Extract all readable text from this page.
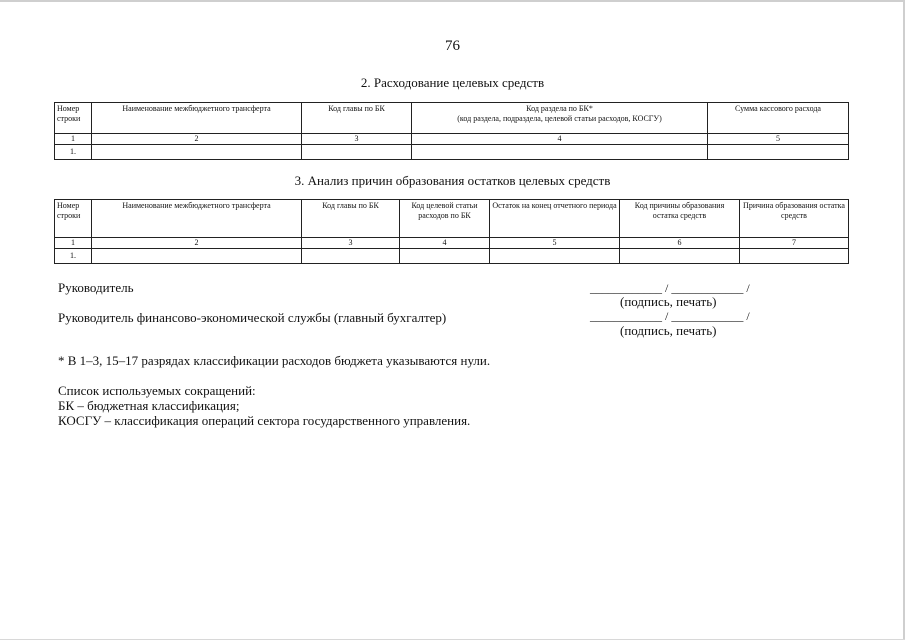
76
2. Расходование целевых средств
Номер строки	Наименование межбюджетного трансферта	Код главы по БК	Код раздела по БК*
(код раздела, подраздела, целевой статьи расходов, КОСГУ)	Сумма кассового расхода
1	2	3	4	5
1.				
3. Анализ причин образования остатков целевых средств
Номер строки	Наименование межбюджетного трансферта	Код главы по БК	Код целевой статьи расходов по БК	Остаток на конец отчетного периода	Код причины образования остатка средств	Причина образования остатка средств
1	2	3	4	5	6	7
1.						
Руководитель	____________ / ____________ /
(подпись, печать)
Руководитель финансово-экономической службы (главный бухгалтер)	____________ / ____________ /
(подпись, печать)
* В 1–3, 15–17 разрядах классификации расходов бюджета указываются нули.
Список используемых сокращений:
БК – бюджетная классификация;
КОСГУ – классификация операций сектора государственного управления.
